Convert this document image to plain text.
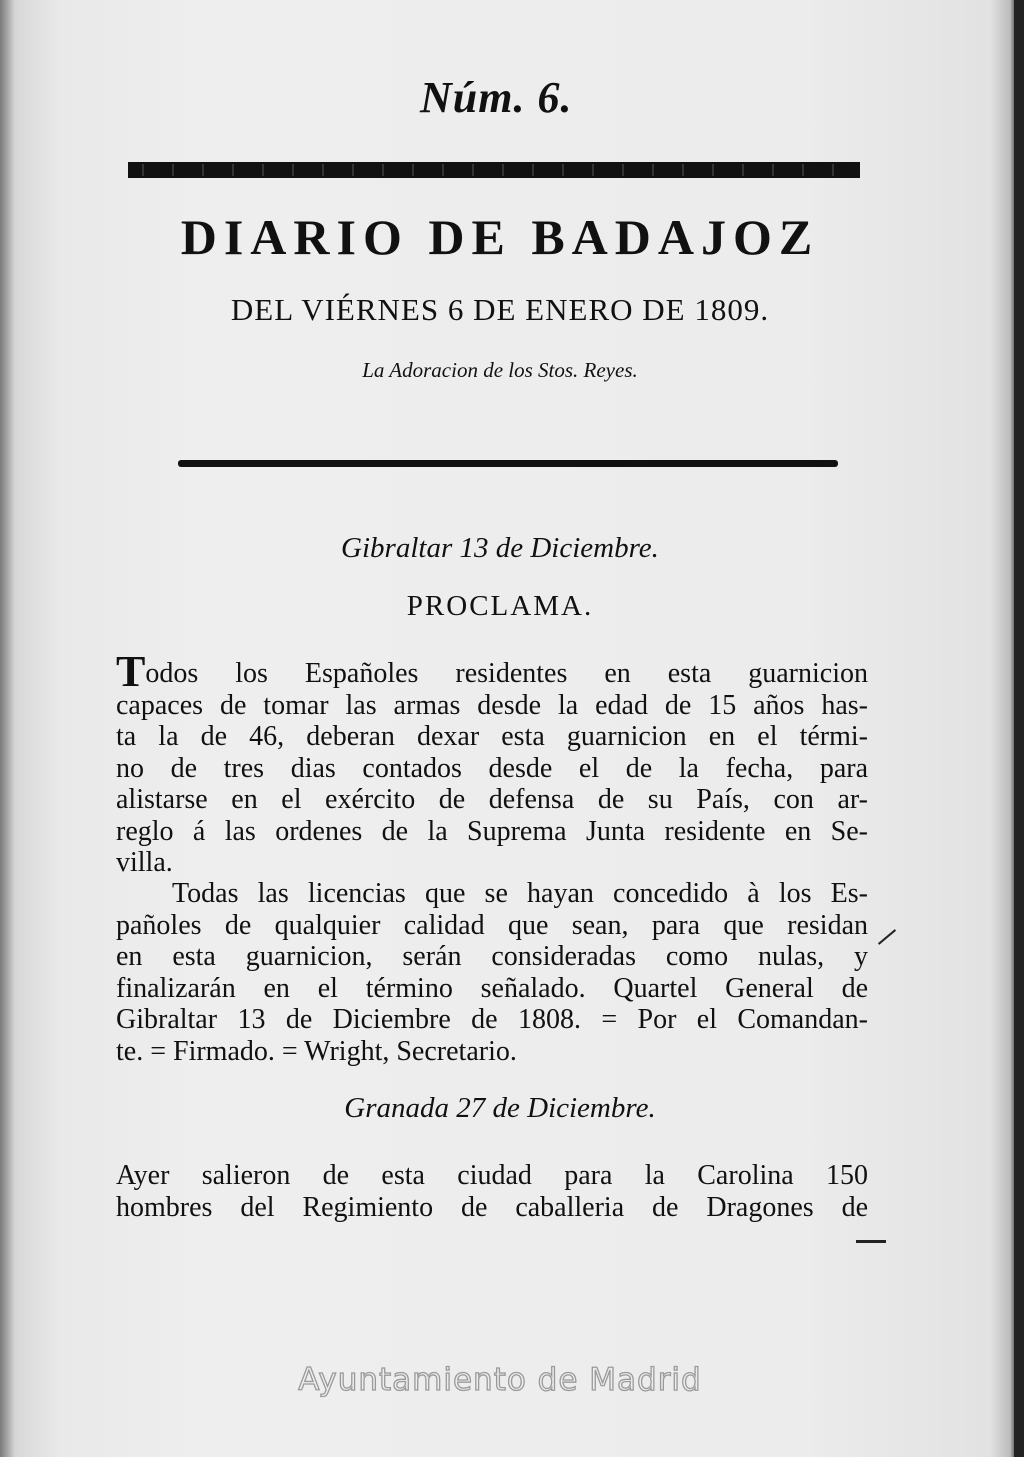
Núm. 6.
DIARIO DE BADAJOZ
DEL VIÉRNES 6 DE ENERO DE 1809.
La Adoracion de los Stos. Reyes.
Gibraltar 13 de Diciembre.
PROCLAMA.
Todos los Españoles residentes en esta guarnicion
capaces de tomar las armas desde la edad de 15 años has-
ta la de 46, deberan dexar esta guarnicion en el térmi-
no de tres dias contados desde el de la fecha, para
alistarse en el exército de defensa de su País, con ar-
reglo á las ordenes de la Suprema Junta residente en Se-
villa.
Todas las licencias que se hayan concedido à los Es-
pañoles de qualquier calidad que sean, para que residan
en esta guarnicion, serán consideradas como nulas, y
finalizarán en el término señalado. Quartel General de
Gibraltar 13 de Diciembre de 1808. = Por el Comandan-
te. = Firmado. = Wright, Secretario.
Granada 27 de Diciembre.
Ayer salieron de esta ciudad para la Carolina 150
hombres del Regimiento de caballeria de Dragones de
Ayuntamiento de Madrid
